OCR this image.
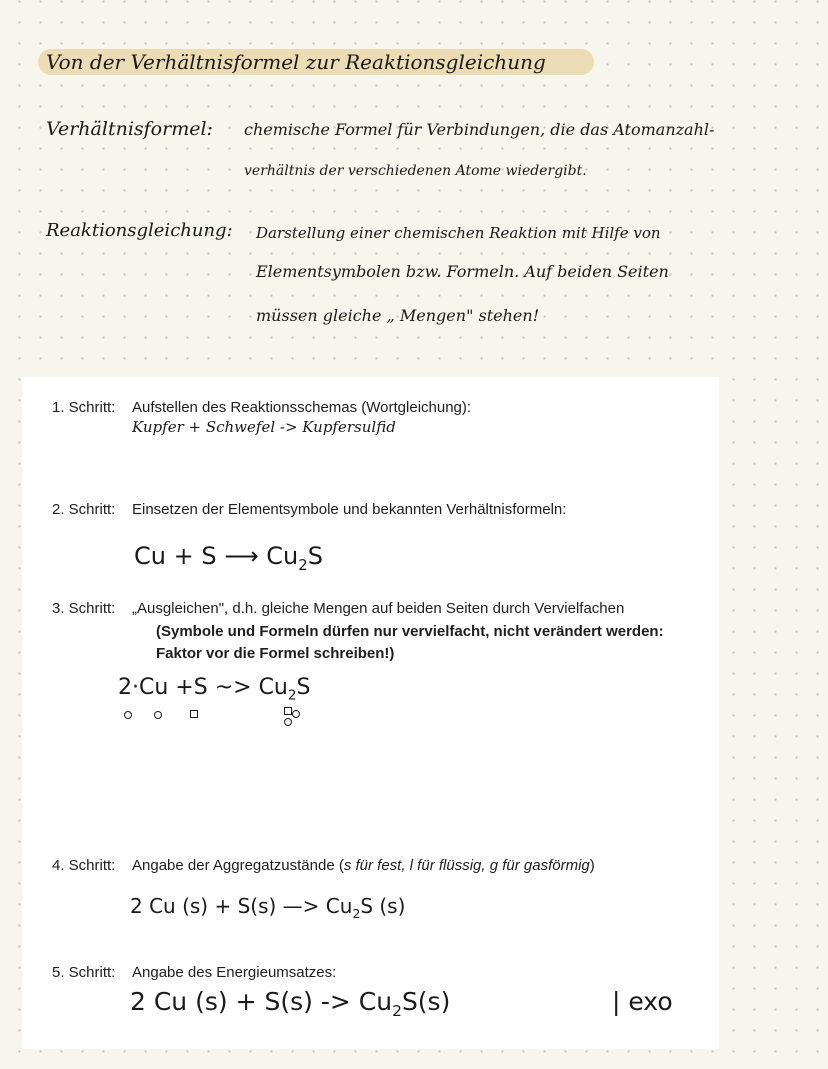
Von der Verhältnisformel zur Reaktionsgleichung
Verhältnisformel: chemische Formel für Verbindungen, die das Atomanzahl-
verhältnis der verschiedenen Atome wiedergibt.
Reaktionsgleichung: Darstellung einer chemischen Reaktion mit Hilfe von
Elementsymbolen bzw. Formeln. Auf beiden Seiten
müssen gleiche „ Mengen" stehen!
1. Schritt: Aufstellen des Reaktionsschemas (Wortgleichung):
Kupfer + Schwefel -> Kupfersulfid
2. Schritt: Einsetzen der Elementsymbole und bekannten Verhältnisformeln:
Cu + S ⟶ $Cu_2S$
3. Schritt: „Ausgleichen", d.h. gleiche Mengen auf beiden Seiten durch Vervielfachen
(Symbole und Formeln dürfen nur vervielfacht, nicht verändert werden:
Faktor vor die Formel schreiben!)
2·Cu +S ~> $Cu_2S$
4. Schritt: Angabe der Aggregatzustände (s für fest, l für flüssig, g für gasförmig)
2 Cu (s) + S(s) —> $Cu_2S$ (s)
5. Schritt: Angabe des Energieumsatzes:
2 Cu $(s) + S(s) -> Cu_2S(s)$	| exo
